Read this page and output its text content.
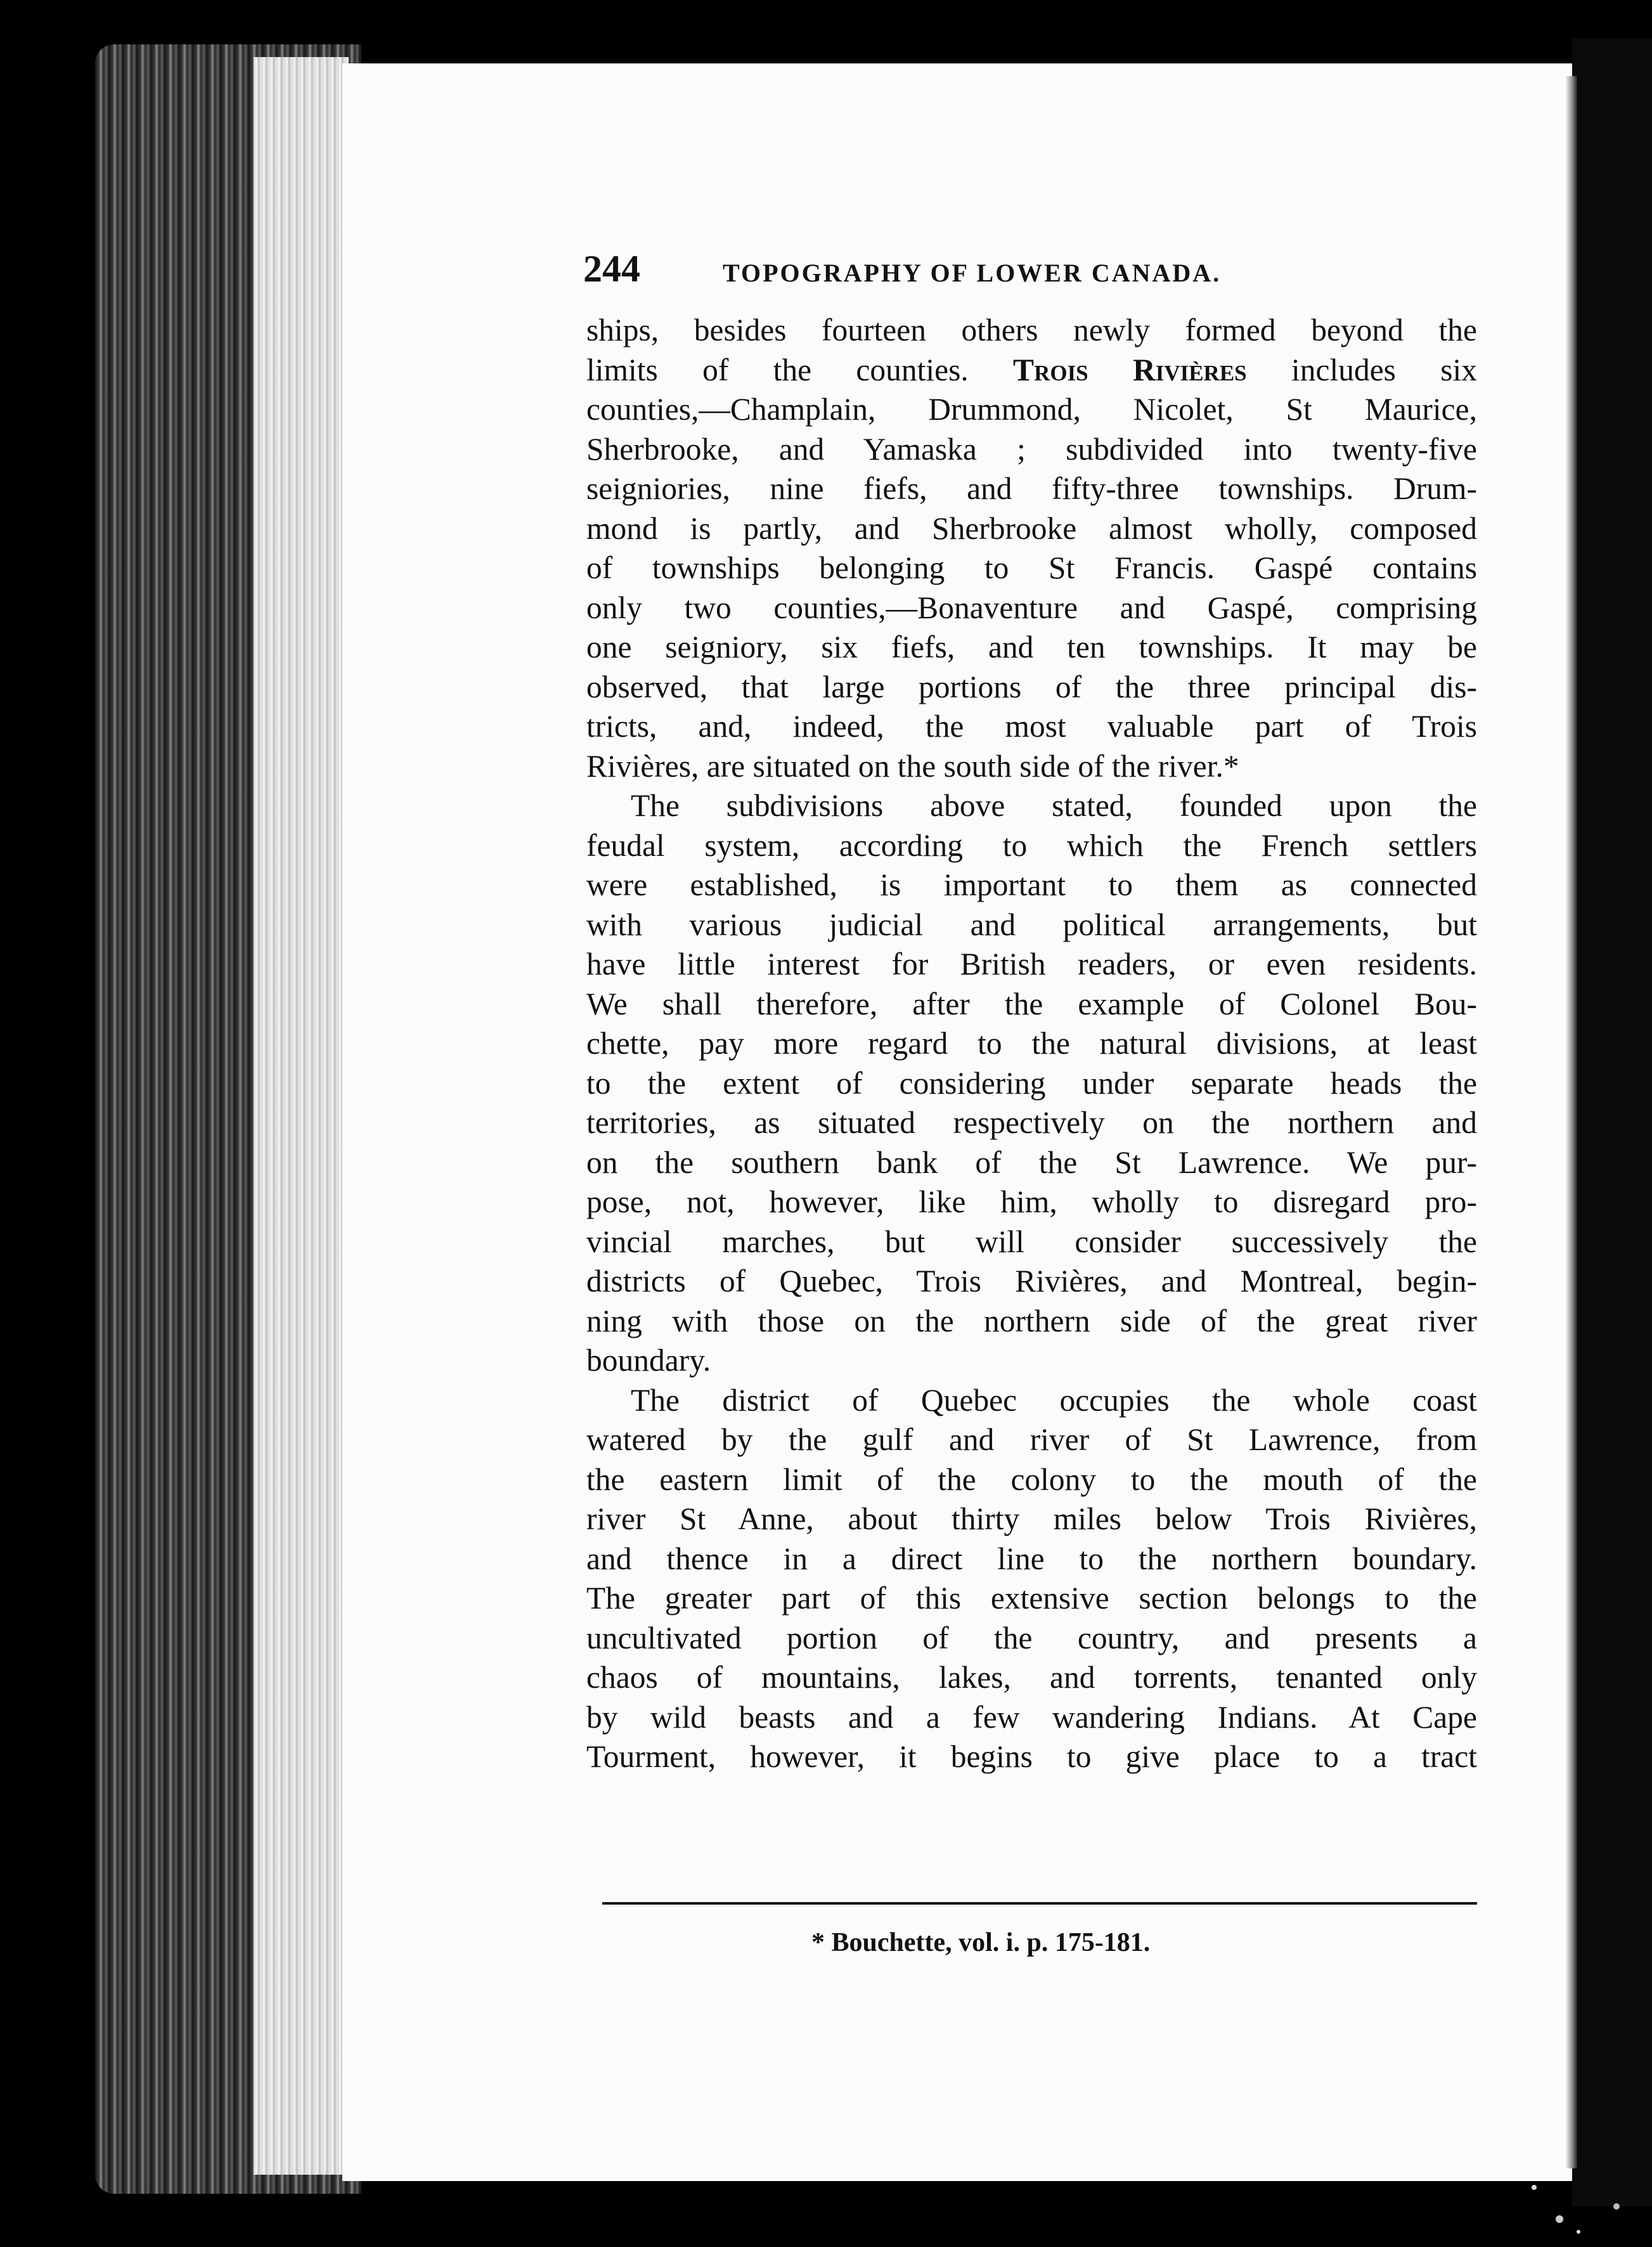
244	TOPOGRAPHY OF LOWER CANADA.
ships, besides fourteen others newly formed beyond the
limits of the counties. Trois Rivières includes six
counties,—Champlain, Drummond, Nicolet, St Maurice,
Sherbrooke, and Yamaska ; subdivided into twenty-five
seigniories, nine fiefs, and fifty-three townships. Drum-
mond is partly, and Sherbrooke almost wholly, composed
of townships belonging to St Francis. Gaspé contains
only two counties,—Bonaventure and Gaspé, comprising
one seigniory, six fiefs, and ten townships. It may be
observed, that large portions of the three principal dis-
tricts, and, indeed, the most valuable part of Trois
Rivières, are situated on the south side of the river.*
The subdivisions above stated, founded upon the
feudal system, according to which the French settlers
were established, is important to them as connected
with various judicial and political arrangements, but
have little interest for British readers, or even residents.
We shall therefore, after the example of Colonel Bou-
chette, pay more regard to the natural divisions, at least
to the extent of considering under separate heads the
territories, as situated respectively on the northern and
on the southern bank of the St Lawrence. We pur-
pose, not, however, like him, wholly to disregard pro-
vincial marches, but will consider successively the
districts of Quebec, Trois Rivières, and Montreal, begin-
ning with those on the northern side of the great river
boundary.
The district of Quebec occupies the whole coast
watered by the gulf and river of St Lawrence, from
the eastern limit of the colony to the mouth of the
river St Anne, about thirty miles below Trois Rivières,
and thence in a direct line to the northern boundary.
The greater part of this extensive section belongs to the
uncultivated portion of the country, and presents a
chaos of mountains, lakes, and torrents, tenanted only
by wild beasts and a few wandering Indians. At Cape
Tourment, however, it begins to give place to a tract
* Bouchette, vol. i. p. 175-181.
